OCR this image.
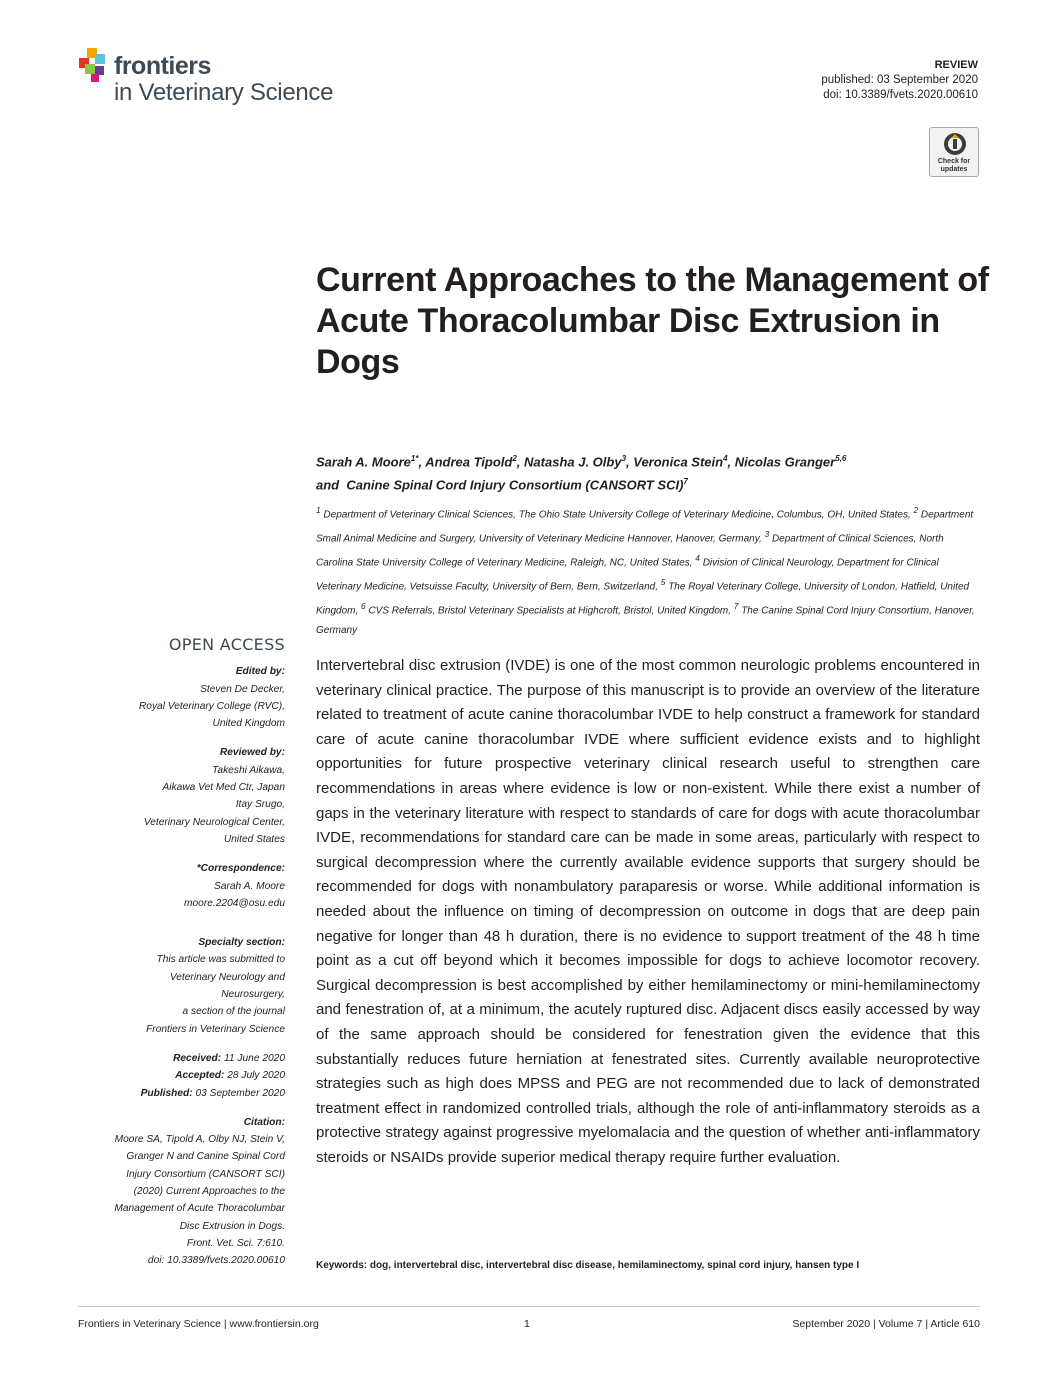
frontiers
in Veterinary Science
REVIEW
published: 03 September 2020
doi: 10.3389/fvets.2020.00610
Check for
updates
Current Approaches to the Management of Acute Thoracolumbar Disc Extrusion in Dogs

Sarah A. Moore$^{1*}$, Andrea Tipold$^2$, Natasha J. Olby$^3$, Veronica Stein$^4$, Nicolas Granger$^{5,6}$
and Canine Spinal Cord Injury Consortium (CANSORT SCI)$^7$

$^1$ Department of Veterinary Clinical Sciences, The Ohio State University College of Veterinary Medicine, Columbus, OH, United States, $^2$ Department Small Animal Medicine and Surgery, University of Veterinary Medicine Hannover, Hanover, Germany, $^3$ Department of Clinical Sciences, North Carolina State University College of Veterinary Medicine, Raleigh, NC, United States, $^4$ Division of Clinical Neurology, Department for Clinical Veterinary Medicine, Vetsuisse Faculty, University of Bern, Bern, Switzerland, $^5$ The Royal Veterinary College, University of London, Hatfield, United Kingdom, $^6$ CVS Referrals, Bristol Veterinary Specialists at Highcroft, Bristol, United Kingdom, $^7$ The Canine Spinal Cord Injury Consortium, Hanover, Germany

OPEN ACCESS
Edited by:
Steven De Decker,
Royal Veterinary College (RVC),
United Kingdom
Reviewed by:
Takeshi Aikawa,
Aikawa Vet Med Ctr, Japan
Itay Srugo,
Veterinary Neurological Center,
United States
*Correspondence:
Sarah A. Moore
moore.2204@osu.edu
Specialty section:
This article was submitted to
Veterinary Neurology and
Neurosurgery,
a section of the journal
Frontiers in Veterinary Science
Received: 11 June 2020
Accepted: 28 July 2020
Published: 03 September 2020
Citation:
Moore SA, Tipold A, Olby NJ, Stein V,
Granger N and Canine Spinal Cord
Injury Consortium (CANSORT SCI)
(2020) Current Approaches to the
Management of Acute Thoracolumbar
Disc Extrusion in Dogs.
Front. Vet. Sci. 7:610.
doi: 10.3389/fvets.2020.00610

Intervertebral disc extrusion (IVDE) is one of the most common neurologic problems encountered in veterinary clinical practice. The purpose of this manuscript is to provide an overview of the literature related to treatment of acute canine thoracolumbar IVDE to help construct a framework for standard care of acute canine thoracolumbar IVDE where sufficient evidence exists and to highlight opportunities for future prospective veterinary clinical research useful to strengthen care recommendations in areas where evidence is low or non-existent. While there exist a number of gaps in the veterinary literature with respect to standards of care for dogs with acute thoracolumbar IVDE, recommendations for standard care can be made in some areas, particularly with respect to surgical decompression where the currently available evidence supports that surgery should be recommended for dogs with nonambulatory paraparesis or worse. While additional information is needed about the influence on timing of decompression on outcome in dogs that are deep pain negative for longer than 48 h duration, there is no evidence to support treatment of the 48 h time point as a cut off beyond which it becomes impossible for dogs to achieve locomotor recovery. Surgical decompression is best accomplished by either hemilaminectomy or mini-hemilaminectomy and fenestration of, at a minimum, the acutely ruptured disc. Adjacent discs easily accessed by way of the same approach should be considered for fenestration given the evidence that this substantially reduces future herniation at fenestrated sites. Currently available neuroprotective strategies such as high does MPSS and PEG are not recommended due to lack of demonstrated treatment effect in randomized controlled trials, although the role of anti-inflammatory steroids as a protective strategy against progressive myelomalacia and the question of whether anti-inflammatory steroids or NSAIDs provide superior medical therapy require further evaluation.

Keywords: dog, intervertebral disc, intervertebral disc disease, hemilaminectomy, spinal cord injury, hansen type I
Frontiers in Veterinary Science | www.frontiersin.org	1	September 2020 | Volume 7 | Article 610
